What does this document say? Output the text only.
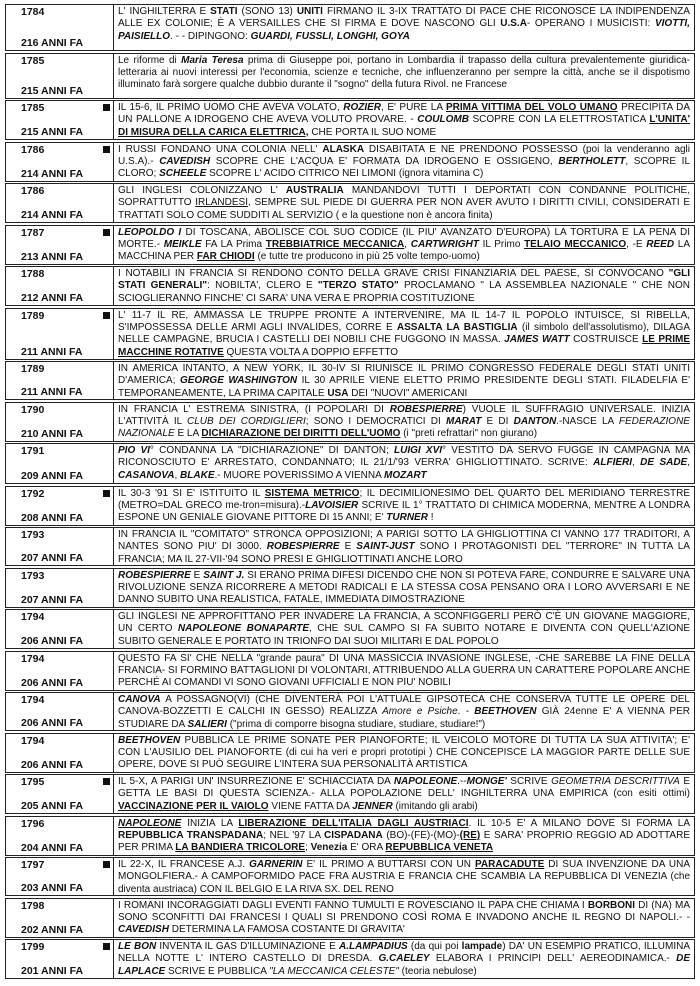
1784
216 ANNI FA
L' INGHILTERRA E STATI (SONO 13) UNITI FIRMANO IL 3-IX TRATTATO DI PACE CHE RICONOSCE LA INDIPENDENZA ALLE EX COLONIE; È A VERSAILLES CHE SI FIRMA E DOVE NASCONO GLI U.S.A- OPERANO I MUSICISTI: VIOTTI, PAISIELLO. - - DIPINGONO: GUARDI, FUSSLI, LONGHI, GOYA
1785
215 ANNI FA
Le riforme di Maria Teresa prima di Giuseppe poi, portano in Lombardia il trapasso della cultura prevalentemente giuridica-letteraria ai nuovi interessi per l'economia, scienze e tecniche, che influenzeranno per sempre la città, anche se il dispotismo illuminato farà sorgere qualche dubbio durante il "sogno" della futura Rivol. ne Francese
1785
215 ANNI FA
IL 15-6, IL PRIMO UOMO CHE AVEVA VOLATO, ROZIER, E' PURE LA PRIMA VITTIMA DEL VOLO UMANO PRECIPITA DA UN PALLONE A IDROGENO CHE AVEVA VOLUTO PROVARE. - COULOMB SCOPRE CON LA ELETTROSTATICA L'UNITA' DI MISURA DELLA CARICA ELETTRICA, CHE PORTA IL SUO NOME
1786
214 ANNI FA
I RUSSI FONDANO UNA COLONIA NELL' ALASKA DISABITATA E NE PRENDONO POSSESSO (poi la venderanno agli U.S.A).- CAVEDISH SCOPRE CHE L'ACQUA E' FORMATA DA IDROGENO E OSSIGENO, BERTHOLETT, SCOPRE IL CLORO; SCHEELE SCOPRE L' ACIDO CITRICO NEI LIMONI (ignora vitamina C)
1786
214 ANNI FA
GLI INGLESI COLONIZZANO L' AUSTRALIA MANDANDOVI TUTTI I DEPORTATI CON CONDANNE POLITICHE, SOPRATTUTTO IRLANDESI, SEMPRE SUL PIEDE DI GUERRA PER NON AVER AVUTO I DIRITTI CIVILI, CONSIDERATI E TRATTATI SOLO COME SUDDITI AL SERVIZIO ( e la questione non è ancora finita)
1787
213 ANNI FA
LEOPOLDO I DI TOSCANA, ABOLISCE COL SUO CODICE (IL PIU' AVANZATO D'EUROPA) LA TORTURA E LA PENA DI MORTE.- MEIKLE FA LA Prima TREBBIATRICE MECCANICA, CARTWRIGHT IL Primo TELAIO MECCANICO, -E REED LA MACCHINA PER FAR CHIODI (e tutte tre producono in più 25 volte tempo-uomo)
1788
212 ANNI FA
I NOTABILI IN FRANCIA SI RENDONO CONTO DELLA GRAVE CRISI FINANZIARIA DEL PAESE, SI CONVOCANO "GLI STATI GENERALI": NOBILTA', CLERO E "TERZO STATO" PROCLAMANO " LA ASSEMBLEA NAZIONALE " CHE NON SCIOGLIERANNO FINCHE' CI SARA' UNA VERA E PROPRIA COSTITUZIONE
1789
211 ANNI FA
L' 11-7 IL RE, AMMASSA LE TRUPPE PRONTE A INTERVENIRE, MA IL 14-7 IL POPOLO INTUISCE, SI RIBELLA, S'IMPOSSESSA DELLE ARMI AGLI INVALIDES, CORRE E ASSALTA LA BASTIGLIA (il simbolo dell'assolutismo), DILAGA NELLE CAMPAGNE, BRUCIA I CASTELLI DEI NOBILI CHE FUGGONO IN MASSA. JAMES WATT COSTRUISCE LE PRIME MACCHINE ROTATIVE QUESTA VOLTA A DOPPIO EFFETTO
1789
211 ANNI FA
IN AMERICA INTANTO, A NEW YORK, IL 30-IV SI RIUNISCE IL PRIMO CONGRESSO FEDERALE DEGLI STATI UNITI D'AMERICA; GEORGE WASHINGTON IL 30 APRILE VIENE ELETTO PRIMO PRESIDENTE DEGLI STATI. FILADELFIA E' TEMPORANEAMENTE, LA PRIMA CAPITALE USA DEI "NUOVI" AMERICANI
1790
210 ANNI FA
IN FRANCIA L' ESTREMA SINISTRA, (I POPOLARI DI ROBESPIERRE) VUOLE IL SUFFRAGIO UNIVERSALE. INIZIA L'ATTIVITÀ IL CLUB DEI CORDIGLIERI; SONO I DEMOCRATICI DI MARAT E DI DANTON.-NASCE LA FEDERAZIONE NAZIONALE E LA DICHIARAZIONE DEI DIRITTI DELL'UOMO (i "preti refrattari" non giurano)
1791
209 ANNI FA
PIO VI° CONDANNA LA "DICHIARAZIONE" DI DANTON; LUIGI XVI° VESTITO DA SERVO FUGGE IN CAMPAGNA MA RICONOSCIUTO E' ARRESTATO, CONDANNATO; IL 21/1/'93 VERRA' GHIGLIOTTINATO. SCRIVE: ALFIERI, DE SADE, CASANOVA, BLAKE.- MUORE POVERISSIMO A VIENNA MOZART
1792
208 ANNI FA
IL 30-3 '91 SI E' ISTITUITO IL SISTEMA METRICO; IL DECIMILIONESIMO DEL QUARTO DEL MERIDIANO TERRESTRE (METRO=DAL GRECO me-tron=misura).-LAVOISIER SCRIVE IL 1° TRATTATO DI CHIMICA MODERNA, MENTRE A LONDRA ESPONE UN GENIALE GIOVANE PITTORE DI 15 ANNI; E' TURNER !
1793
207 ANNI FA
IN FRANCIA IL "COMITATO" STRONCA OPPOSIZIONI; A PARIGI SOTTO LA GHIGLIOTTINA CI VANNO 177 TRADITORI, A NANTES SONO PIU' DI 3000. ROBESPIERRE E SAINT-JUST SONO I PROTAGONISTI DEL "TERRORE" IN TUTTA LA FRANCIA; MA IL 27-VII-'94 SONO PRESI E GHIGLIOTTINATI ANCHE LORO
1793
207 ANNI FA
ROBESPIERRE E SAINT J. SI ERANO PRIMA DIFESI DICENDO CHE NON SI POTEVA FARE, CONDURRE E SALVARE UNA RIVOLUZIONE SENZA RICORRERE A METODI RADICALI E LA STESSA COSA PENSANO ORA I LORO AVVERSARI E NE DANNO SUBITO UNA REALISTICA, FATALE, IMMEDIATA DIMOSTRAZIONE
1794
206 ANNI FA
GLI INGLESI NE APPROFITTANO PER INVADERE LA FRANCIA, A SCONFIGGERLI PERÒ C'È UN GIOVANE MAGGIORE, UN CERTO NAPOLEONE BONAPARTE, CHE SUL CAMPO SI FA SUBITO NOTARE E DIVENTA CON QUELL'AZIONE SUBITO GENERALE E PORTATO IN TRIONFO DAI SUOI MILITARI E DAL POPOLO
1794
206 ANNI FA
QUESTO FA SI' CHE NELLA "grande paura" DI UNA MASSICCIA INVASIONE INGLESE, -CHE SAREBBE LA FINE DELLA FRANCIA- SI FORMINO BATTAGLIONI DI VOLONTARI, ATTRIBUENDO ALLA GUERRA UN CARATTERE POPOLARE ANCHE PERCHÉ AI COMANDI VI SONO GIOVANI UFFICIALI E NON PIU' NOBILI
1794
206 ANNI FA
CANOVA A POSSAGNO(VI) (CHE DIVENTERÀ POI L'ATTUALE GIPSOTECA CHE CONSERVA TUTTE LE OPERE DEL CANOVA-BOZZETTI E CALCHI IN GESSO) REALIZZA Amore e Psiche. - BEETHOVEN GIÀ 24enne E' A VIENNA PER STUDIARE DA SALIERI ("prima di comporre bisogna studiare, studiare, studiare!")
1794
206 ANNI FA
BEETHOVEN PUBBLICA LE PRIME SONATE PER PIANOFORTE; IL VEICOLO MOTORE DI TUTTA LA SUA ATTIVITA'; E' CON L'AUSILIO DEL PIANOFORTE (di cui ha veri e propri prototipi ) CHE CONCEPISCE LA MAGGIOR PARTE DELLE SUE OPERE, DOVE SI PUÒ SEGUIRE L'INTERA SUA PERSONALITÀ ARTISTICA
1795
205 ANNI FA
IL 5-X, A PARIGI UN' INSURREZIONE E' SCHIACCIATA DA NAPOLEONE.--MONGE' SCRIVE GEOMETRIA DESCRITTIVA E GETTA LE BASI DI QUESTA SCIENZA.- ALLA POPOLAZIONE DELL' INGHILTERRA UNA EMPIRICA (con esiti ottimi) VACCINAZIONE PER IL VAIOLO VIENE FATTA DA JENNER (imitando gli arabi)
1796
204 ANNI FA
NAPOLEONE INIZIA LA LIBERAZIONE DELL'ITALIA DAGLI AUSTRIACI. IL 10-5 E' A MILANO DOVE SI FORMA LA REPUBBLICA TRANSPADANA; NEL '97 LA CISPADANA (BO)-(FE)-(MO)-(RE) E SARA' PROPRIO REGGIO AD ADOTTARE PER PRIMA LA BANDIERA TRICOLORE; Venezia E' ORA REPUBBLICA VENETA
1797
203 ANNI FA
IL 22-X, IL FRANCESE A.J. GARNERIN E' IL PRIMO A BUTTARSI CON UN PARACADUTE DI SUA INVENZIONE DA UNA MONGOLFIERA.- A CAMPOFORMIDO PACE FRA AUSTRIA E FRANCIA CHE SCAMBIA LA REPUBBLICA DI VENEZIA (che diventa austriaca) CON IL BELGIO E LA RIVA SX. DEL RENO
1798
202 ANNI FA
I ROMANI INCORAGGIATI DAGLI EVENTI FANNO TUMULTI E ROVESCIANO IL PAPA CHE CHIAMA I BORBONI DI (NA) MA SONO SCONFITTI DAI FRANCESI I QUALI SI PRENDONO COSÌ ROMA E INVADONO ANCHE IL REGNO DI NAPOLI.- - CAVEDISH DETERMINA LA FAMOSA COSTANTE DI GRAVITA'
1799
201 ANNI FA
LE BON INVENTA IL GAS D'ILLUMINAZIONE E A.LAMPADIUS (da qui poi lampade) DA' UN ESEMPIO PRATICO, ILLUMINA NELLA NOTTE L' INTERO CASTELLO DI DRESDA. G.CAELEY ELABORA I PRINCIPI DELL' AEREODINAMICA.- DE LAPLACE SCRIVE E PUBBLICA "LA MECCANICA CELESTE" (teoria nebulose)
